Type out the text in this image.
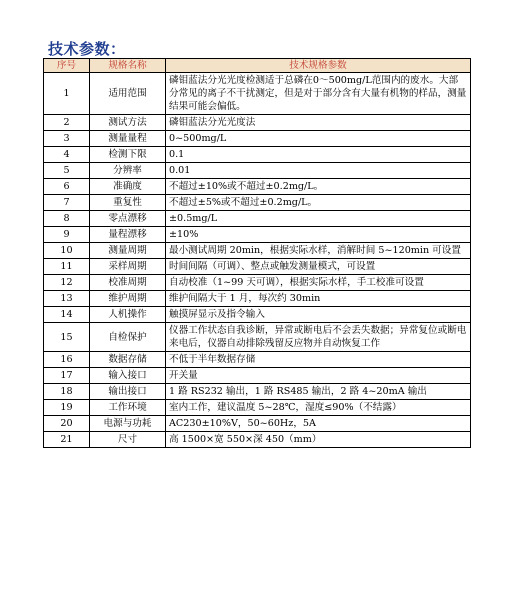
技术参数：
序号	规格名称	技术规格参数
1	适用范围	磷钼蓝法分光光度检测适于总磷在0～500mg/L范围内的废水。大部分常见的离子不干扰测定，但是对于部分含有大量有机物的样品，测量结果可能会偏低。
2	测试方法	磷钼蓝法分光光度法
3	测量量程	0~500mg/L
4	检测下限	0.1
5	分辨率	0.01
6	准确度	不超过±10%或不超过±0.2mg/L。
7	重复性	不超过±5%或不超过±0.2mg/L。
8	零点漂移	±0.5mg/L
9	量程漂移	±10%
10	测量周期	最小测试周期 20min，根据实际水样，消解时间 5~120min 可设置
11	采样周期	时间间隔（可调）、整点或触发测量模式，可设置
12	校准周期	自动校准（1~99 天可调），根据实际水样，手工校准可设置
13	维护周期	维护间隔大于 1 月，每次约 30min
14	人机操作	触摸屏显示及指令输入
15	自检保护	仪器工作状态自我诊断，异常或断电后不会丢失数据；异常复位或断电来电后，仪器自动排除残留反应物并自动恢复工作
16	数据存储	不低于半年数据存储
17	输入接口	开关量
18	输出接口	1 路 RS232 输出，1 路 RS485 输出，2 路 4~20mA 输出
19	工作环境	室内工作，建议温度 5~28℃，湿度≤90%（不结露）
20	电源与功耗	AC230±10%V，50~60Hz，5A
21	尺寸	高 1500×宽 550×深 450（mm）
